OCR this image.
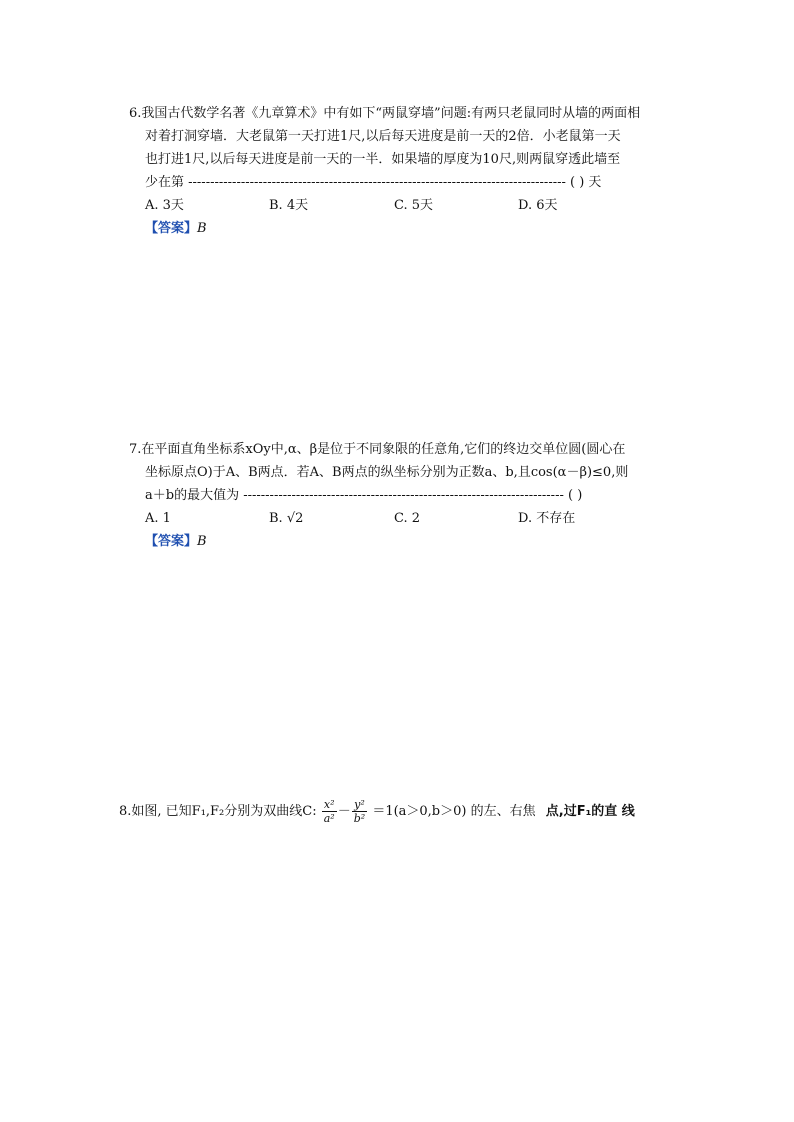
6.我国古代数学名著《九章算术》中有如下“两鼠穿墙”问题:有两只老鼠同时从墙的两面相
对着打洞穿墙．大老鼠第一天打进1尺,以后每天进度是前一天的2倍．小老鼠第一天
也打进1尺,以后每天进度是前一天的一半．如果墙的厚度为10尺,则两鼠穿透此墙至
少在第 -------------------------------------------------------------------------------------- ( ) 天
A. 3天	B. 4天	C. 5天	D. 6天
【答案】B
7.在平面直角坐标系xOy中,α、β是位于不同象限的任意角,它们的终边交单位圆(圆心在
坐标原点O)于A、B两点．若A、B两点的纵坐标分别为正数a、b,且cos(α－β)≤0,则
a＋b的最大值为 ------------------------------------------------------------------------- ( )
A. 1	B. √2	C. 2	D. 不存在
【答案】B
8.如图, 已知F₁,F₂分别为双曲线C: $\frac{\text{x²}}{\text{a²}} - \frac{\text{y²}}{\text{b²}} =1(a>0,b>0)$ 的左、右焦 点,过F₁的直 线
